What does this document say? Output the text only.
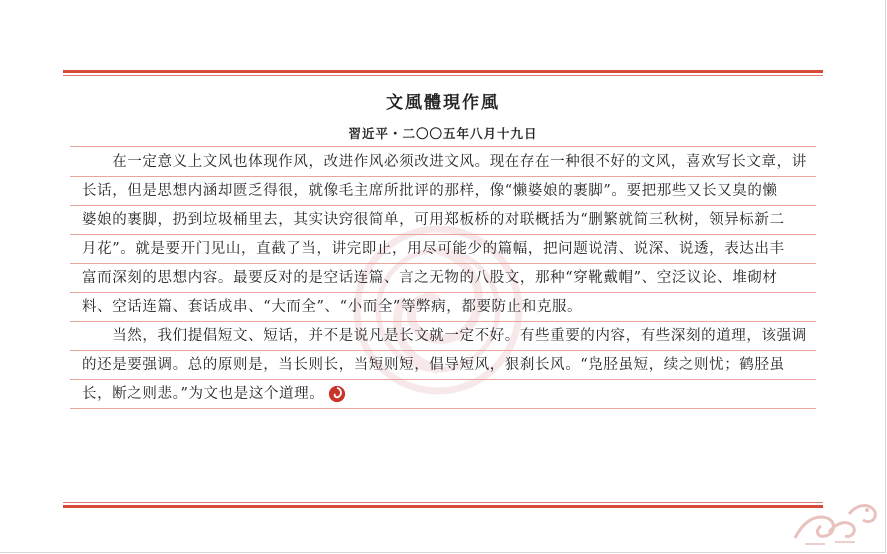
文風體現作風
習近平・二〇〇五年八月十九日
　　在一定意义上文风也体现作风，改进作风必须改进文风。现在存在一种很不好的文风，喜欢写长文章，讲
长话，但是思想内涵却匮乏得很，就像毛主席所批评的那样，像“懒婆娘的裹脚”。要把那些又长又臭的懒
婆娘的裹脚，扔到垃圾桶里去，其实诀窍很简单，可用郑板桥的对联概括为“删繁就简三秋树，领异标新二
月花”。就是要开门见山，直截了当，讲完即止，用尽可能少的篇幅，把问题说清、说深、说透，表达出丰
富而深刻的思想内容。最要反对的是空话连篇、言之无物的八股文，那种“穿靴戴帽”、空泛议论、堆砌材
料、空话连篇、套话成串、“大而全”、“小而全”等弊病，都要防止和克服。
　　当然，我们提倡短文、短话，并不是说凡是长文就一定不好。有些重要的内容，有些深刻的道理，该强调
的还是要强调。总的原则是，当长则长，当短则短，倡导短风，狠刹长风。“凫胫虽短，续之则忧；鹤胫虽
长，断之则悲。”为文也是这个道理。
